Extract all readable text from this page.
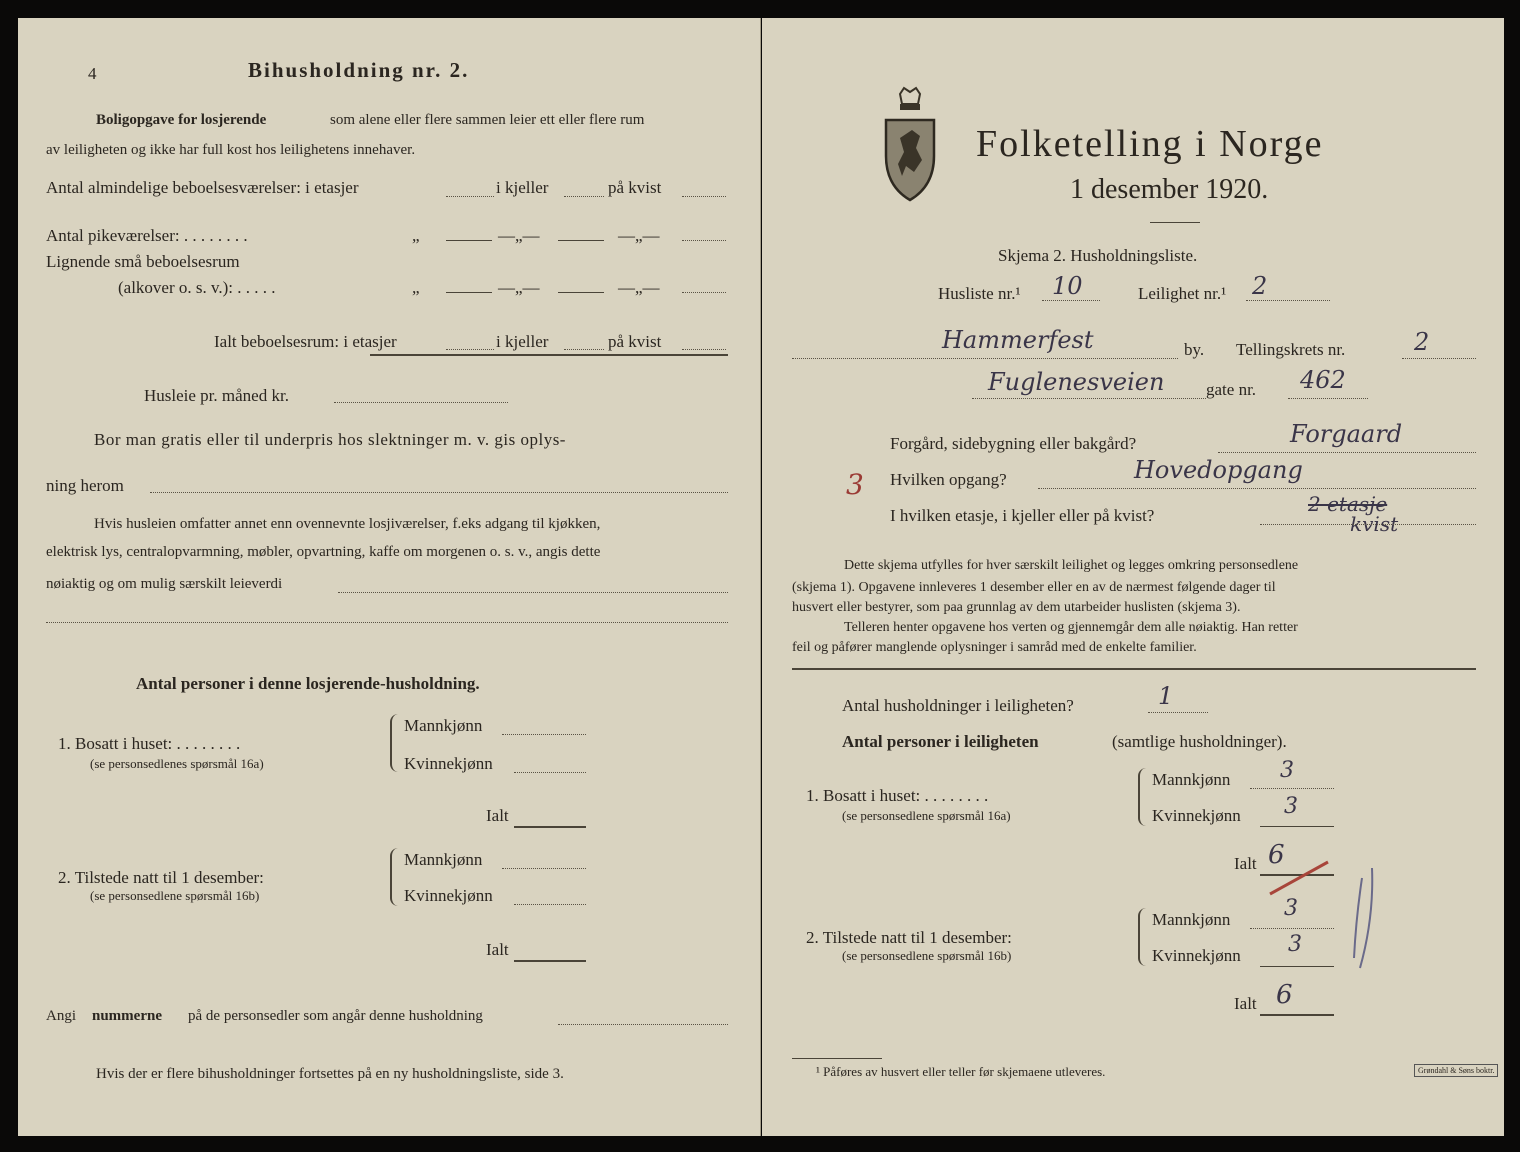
4	Bihusholdning nr. 2.
Boligopgave for losjerende	som alene eller flere sammen leier ett eller flere rum
av leiligheten og ikke har full kost hos leilighetens innehaver.
Antal almindelige beboelsesværelser: i etasjer	i kjeller	på kvist
Antal pikeværelser: . . . . . . . .	„	—„—	—„—
Lignende små beboelsesrum
(alkover o. s. v.): . . . . .	„	—„—	—„—
Ialt beboelsesrum: i etasjer	i kjeller	på kvist
Husleie pr. måned kr.
Bor man gratis eller til underpris hos slektninger m. v. gis oplys-
ning herom
Hvis husleien omfatter annet enn ovennevnte losjiværelser, f.eks adgang til kjøkken,
elektrisk lys, centralopvarmning, møbler, opvartning, kaffe om morgenen o. s. v., angis dette
nøiaktig og om mulig særskilt leieverdi
Antal personer i denne losjerende-husholdning.
1. Bosatt i huset: . . . . . . . .
(se personsedlenes spørsmål 16a)
Mannkjønn
Kvinnekjønn
Ialt
2. Tilstede natt til 1 desember:
(se personsedlene spørsmål 16b)
Mannkjønn
Kvinnekjønn
Ialt
Angi nummerne på de personsedler som angår denne husholdning
Hvis der er flere bihusholdninger fortsettes på en ny husholdningsliste, side 3.
Folketelling i Norge
1 desember 1920.
Skjema 2. Husholdningsliste.
Husliste nr.¹ 10	Leilighet nr.¹ 2
Hammerfest	by. Tellingskrets nr.	2
Fuglenesveien gate nr. 462
Forgård, sidebygning eller bakgård?	Forgaard
3 Hvilken opgang?	Hovedopgang
I hvilken etasje, i kjeller eller på kvist?	2 etasje
kvist
Dette skjema utfylles for hver særskilt leilighet og legges omkring personsedlene
(skjema 1). Opgavene innleveres 1 desember eller en av de nærmest følgende dager til
husvert eller bestyrer, som paa grunnlag av dem utarbeider huslisten (skjema 3).
Telleren henter opgavene hos verten og gjennemgår dem alle nøiaktig. Han retter
feil og påfører manglende oplysninger i samråd med de enkelte familier.
Antal husholdninger i leiligheten?	1
Antal personer i leiligheten	(samtlige husholdninger).
1. Bosatt i huset: . . . . . . . .
(se personsedlene spørsmål 16a)
Mannkjønn 3
Kvinnekjønn 3
Ialt 6
2. Tilstede natt til 1 desember:
(se personsedlene spørsmål 16b)
Mannkjønn 3
Kvinnekjønn 3
Ialt 6
¹ Påføres av husvert eller teller før skjemaene utleveres.	Grøndahl & Søns boktr.
